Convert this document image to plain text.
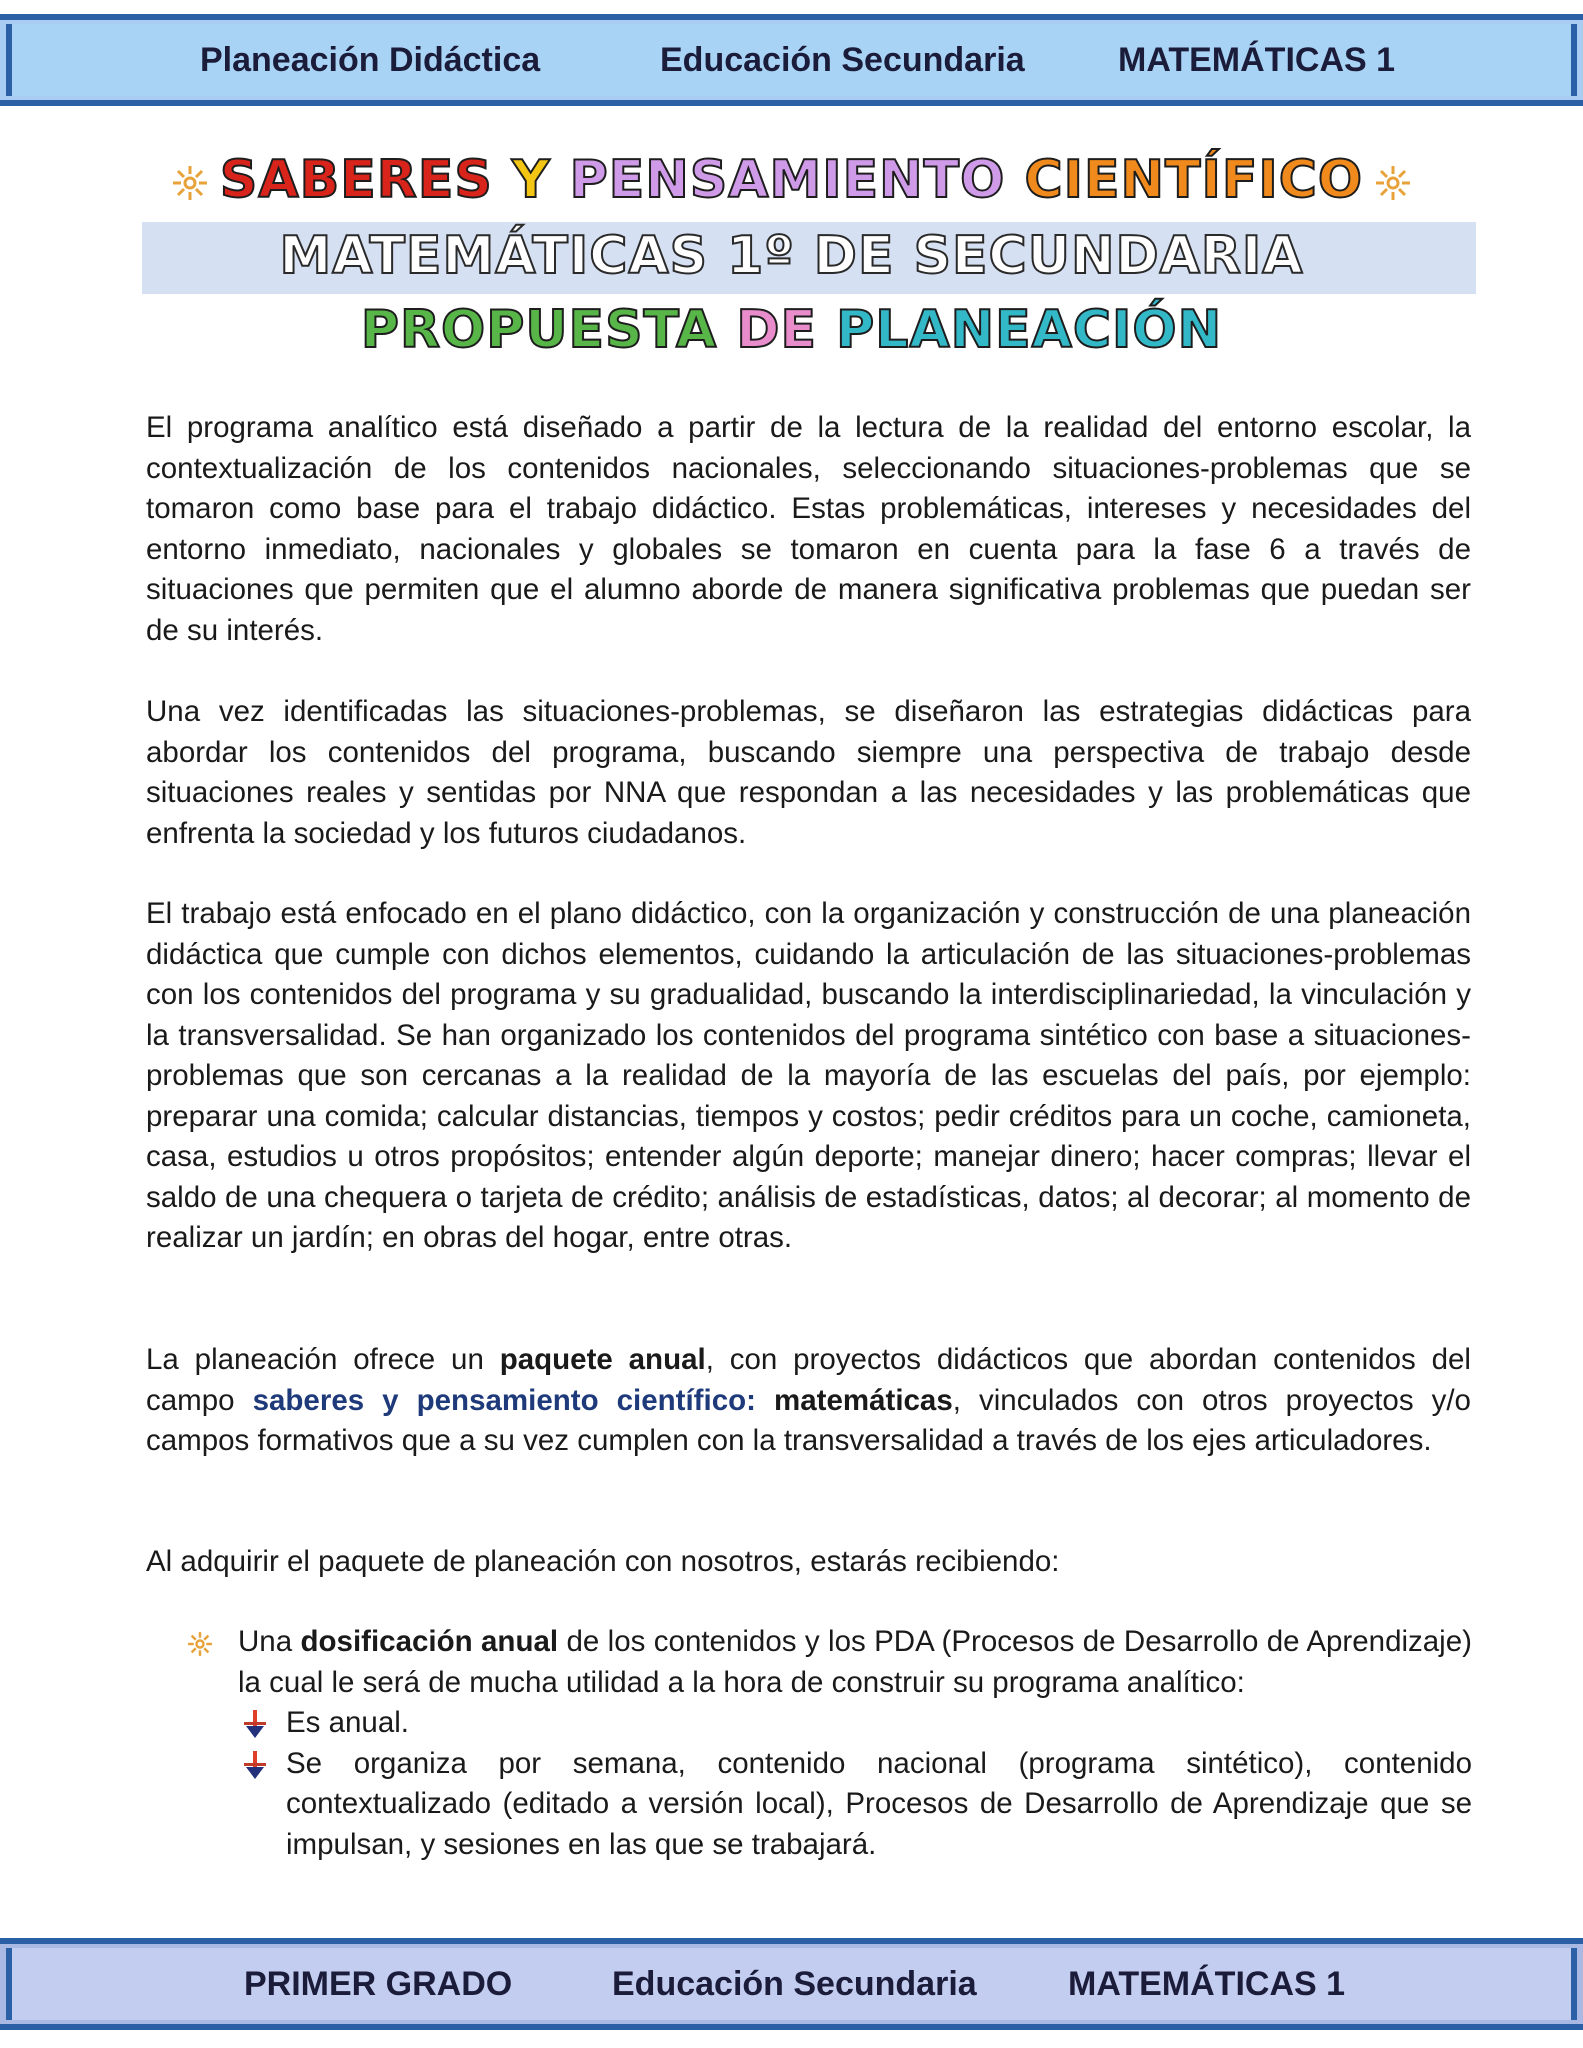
Planeación Didáctica	Educación Secundaria	MATEMÁTICAS 1
SABERES Y PENSAMIENTO CIENTÍFICO
MATEMÁTICAS 1º DE SECUNDARIA
PROPUESTA DE PLANEACIÓN
El programa analítico está diseñado a partir de la lectura de la realidad del entorno escolar, la contextualización de los contenidos nacionales, seleccionando situaciones-problemas que se tomaron como base para el trabajo didáctico. Estas problemáticas, intereses y necesidades del entorno inmediato, nacionales y globales se tomaron en cuenta para la fase 6 a través de situaciones que permiten que el alumno aborde de manera significativa problemas que puedan ser de su interés.
Una vez identificadas las situaciones-problemas, se diseñaron las estrategias didácticas para abordar los contenidos del programa, buscando siempre una perspectiva de trabajo desde situaciones reales y sentidas por NNA que respondan a las necesidades y las problemáticas que enfrenta la sociedad y los futuros ciudadanos.
El trabajo está enfocado en el plano didáctico, con la organización y construcción de una planeación didáctica que cumple con dichos elementos, cuidando la articulación de las situaciones-problemas con los contenidos del programa y su gradualidad, buscando la interdisciplinariedad, la vinculación y la transversalidad. Se han organizado los contenidos del programa sintético con base a situaciones-problemas que son cercanas a la realidad de la mayoría de las escuelas del país, por ejemplo: preparar una comida; calcular distancias, tiempos y costos; pedir créditos para un coche, camioneta, casa, estudios u otros propósitos; entender algún deporte; manejar dinero; hacer compras; llevar el saldo de una chequera o tarjeta de crédito; análisis de estadísticas, datos; al decorar; al momento de realizar un jardín; en obras del hogar, entre otras.
La planeación ofrece un paquete anual, con proyectos didácticos que abordan contenidos del campo saberes y pensamiento científico: matemáticas, vinculados con otros proyectos y/o campos formativos que a su vez cumplen con la transversalidad a través de los ejes articuladores.
Al adquirir el paquete de planeación con nosotros, estarás recibiendo:
Una dosificación anual de los contenidos y los PDA (Procesos de Desarrollo de Aprendizaje) la cual le será de mucha utilidad a la hora de construir su programa analítico:
Es anual.
Se organiza por semana, contenido nacional (programa sintético), contenido contextualizado (editado a versión local), Procesos de Desarrollo de Aprendizaje que se impulsan, y sesiones en las que se trabajará.
PRIMER GRADO	Educación Secundaria	MATEMÁTICAS 1
